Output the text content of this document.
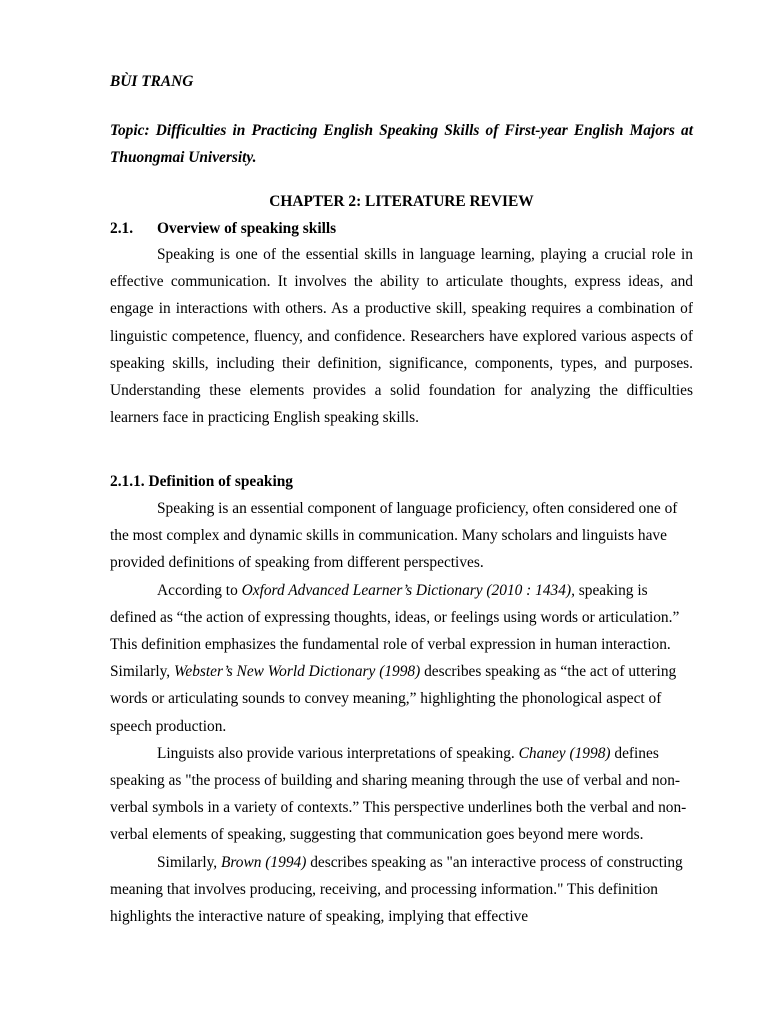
BÙI TRANG
Topic: Difficulties in Practicing English Speaking Skills of First-year English Majors at Thuongmai University.
CHAPTER 2: LITERATURE REVIEW
2.1. Overview of speaking skills

Speaking is one of the essential skills in language learning, playing a crucial role in effective communication. It involves the ability to articulate thoughts, express ideas, and engage in interactions with others. As a productive skill, speaking requires a combination of linguistic competence, fluency, and confidence. Researchers have explored various aspects of speaking skills, including their definition, significance, components, types, and purposes. Understanding these elements provides a solid foundation for analyzing the difficulties learners face in practicing English speaking skills.

2.1.1. Definition of speaking

Speaking is an essential component of language proficiency, often considered one of the most complex and dynamic skills in communication. Many scholars and linguists have provided definitions of speaking from different perspectives.

According to Oxford Advanced Learner’s Dictionary (2010 : 1434), speaking is defined as “the action of expressing thoughts, ideas, or feelings using words or articulation.” This definition emphasizes the fundamental role of verbal expression in human interaction. Similarly, Webster’s New World Dictionary (1998) describes speaking as “the act of uttering words or articulating sounds to convey meaning,” highlighting the phonological aspect of speech production.

Linguists also provide various interpretations of speaking. Chaney (1998) defines speaking as "the process of building and sharing meaning through the use of verbal and non-verbal symbols in a variety of contexts.” This perspective underlines both the verbal and non-verbal elements of speaking, suggesting that communication goes beyond mere words.

Similarly, Brown (1994) describes speaking as "an interactive process of constructing meaning that involves producing, receiving, and processing information." This definition highlights the interactive nature of speaking, implying that effective
